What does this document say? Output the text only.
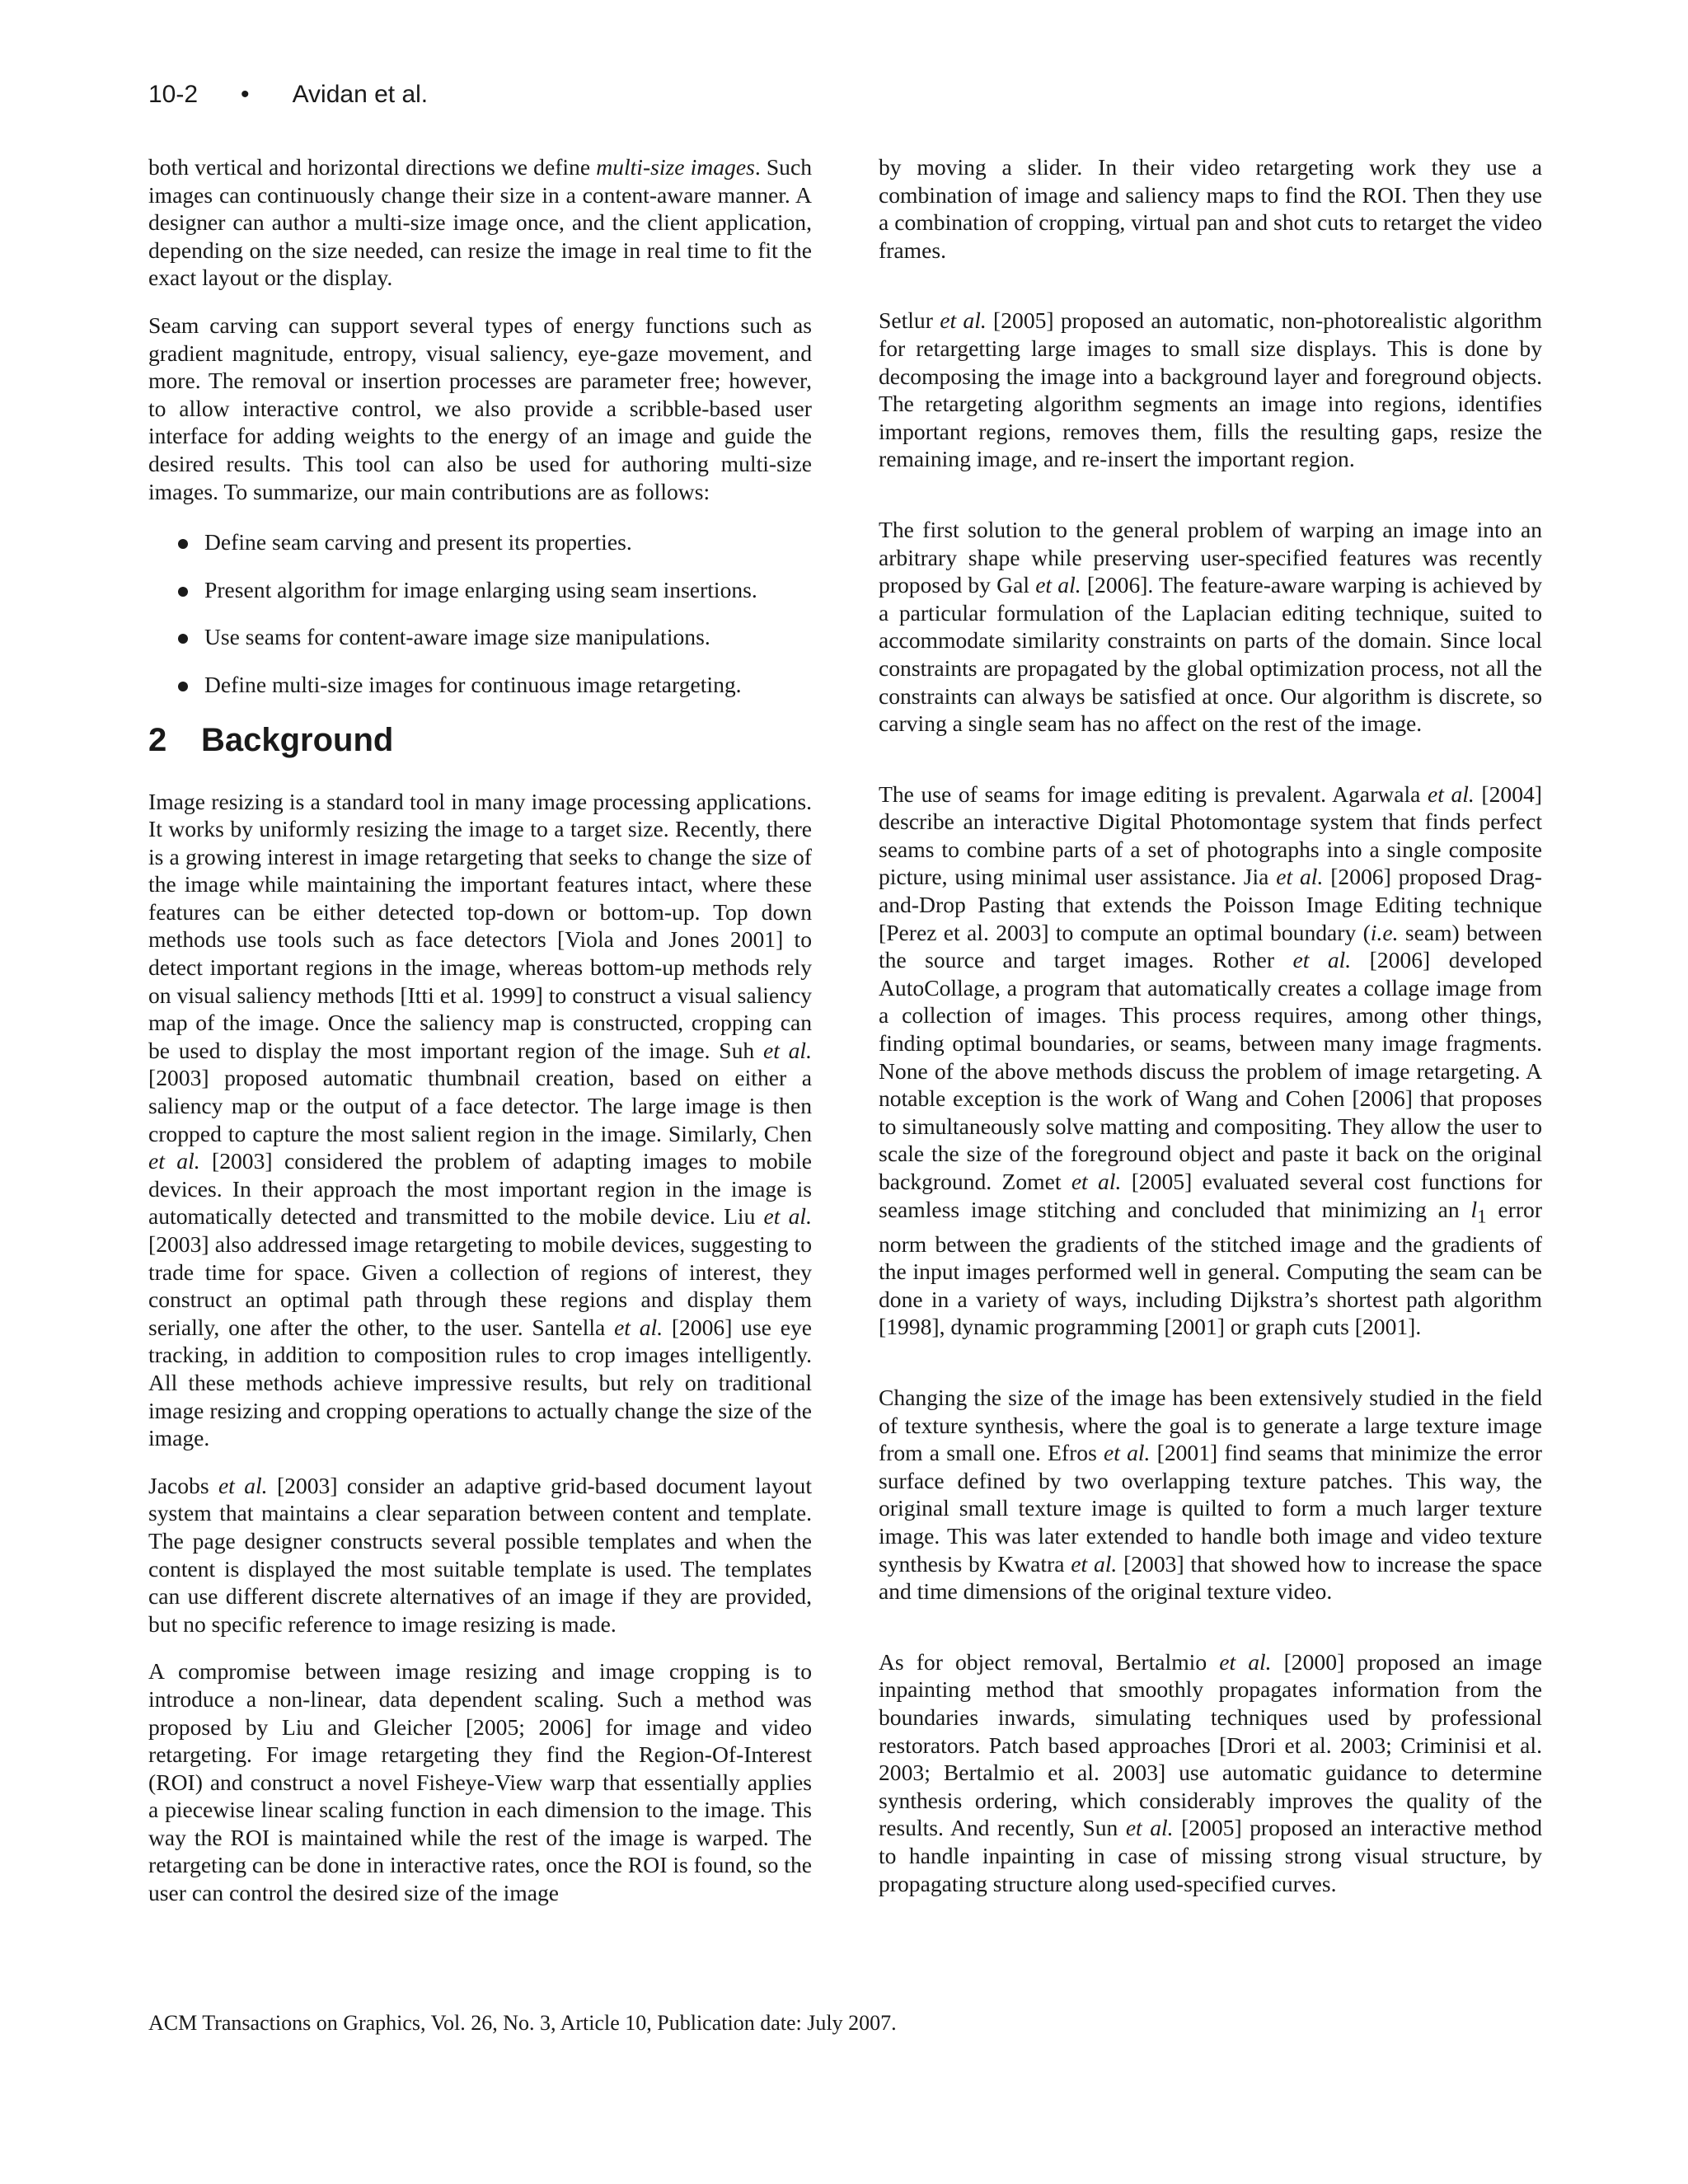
10-2 • Avidan et al.

both vertical and horizontal directions we define multi-size images. Such images can continuously change their size in a content-aware manner. A designer can author a multi-size image once, and the client application, depending on the size needed, can resize the image in real time to fit the exact layout or the display.

Seam carving can support several types of energy functions such as gradient magnitude, entropy, visual saliency, eye-gaze movement, and more. The removal or insertion processes are parameter free; however, to allow interactive control, we also provide a scribble-based user interface for adding weights to the energy of an image and guide the desired results. This tool can also be used for authoring multi-size images. To summarize, our main contributions are as follows:

Define seam carving and present its properties.
Present algorithm for image enlarging using seam insertions.
Use seams for content-aware image size manipulations.
Define multi-size images for continuous image retargeting.
2 Background

Image resizing is a standard tool in many image processing applications. It works by uniformly resizing the image to a target size. Recently, there is a growing interest in image retargeting that seeks to change the size of the image while maintaining the important features intact, where these features can be either detected top-down or bottom-up. Top down methods use tools such as face detectors [Viola and Jones 2001] to detect important regions in the image, whereas bottom-up methods rely on visual saliency methods [Itti et al. 1999] to construct a visual saliency map of the image. Once the saliency map is constructed, cropping can be used to display the most important region of the image. Suh et al. [2003] proposed automatic thumbnail creation, based on either a saliency map or the output of a face detector. The large image is then cropped to capture the most salient region in the image. Similarly, Chen et al. [2003] considered the problem of adapting images to mobile devices. In their approach the most important region in the image is automatically detected and transmitted to the mobile device. Liu et al. [2003] also addressed image retargeting to mobile devices, suggesting to trade time for space. Given a collection of regions of interest, they construct an optimal path through these regions and display them serially, one after the other, to the user. Santella et al. [2006] use eye tracking, in addition to composition rules to crop images intelligently. All these methods achieve impressive results, but rely on traditional image resizing and cropping operations to actually change the size of the image.

Jacobs et al. [2003] consider an adaptive grid-based document layout system that maintains a clear separation between content and template. The page designer constructs several possible templates and when the content is displayed the most suitable template is used. The templates can use different discrete alternatives of an image if they are provided, but no specific reference to image resizing is made.

A compromise between image resizing and image cropping is to introduce a non-linear, data dependent scaling. Such a method was proposed by Liu and Gleicher [2005; 2006] for image and video retargeting. For image retargeting they find the Region-Of-Interest (ROI) and construct a novel Fisheye-View warp that essentially applies a piecewise linear scaling function in each dimension to the image. This way the ROI is maintained while the rest of the image is warped. The retargeting can be done in interactive rates, once the ROI is found, so the user can control the desired size of the image

by moving a slider. In their video retargeting work they use a combination of image and saliency maps to find the ROI. Then they use a combination of cropping, virtual pan and shot cuts to retarget the video frames.

Setlur et al. [2005] proposed an automatic, non-photorealistic algorithm for retargetting large images to small size displays. This is done by decomposing the image into a background layer and foreground objects. The retargeting algorithm segments an image into regions, identifies important regions, removes them, fills the resulting gaps, resize the remaining image, and re-insert the important region.

The first solution to the general problem of warping an image into an arbitrary shape while preserving user-specified features was recently proposed by Gal et al. [2006]. The feature-aware warping is achieved by a particular formulation of the Laplacian editing technique, suited to accommodate similarity constraints on parts of the domain. Since local constraints are propagated by the global optimization process, not all the constraints can always be satisfied at once. Our algorithm is discrete, so carving a single seam has no affect on the rest of the image.

The use of seams for image editing is prevalent. Agarwala et al. [2004] describe an interactive Digital Photomontage system that finds perfect seams to combine parts of a set of photographs into a single composite picture, using minimal user assistance. Jia et al. [2006] proposed Drag-and-Drop Pasting that extends the Poisson Image Editing technique [Perez et al. 2003] to compute an optimal boundary (i.e. seam) between the source and target images. Rother et al. [2006] developed AutoCollage, a program that automatically creates a collage image from a collection of images. This process requires, among other things, finding optimal boundaries, or seams, between many image fragments. None of the above methods discuss the problem of image retargeting. A notable exception is the work of Wang and Cohen [2006] that proposes to simultaneously solve matting and compositing. They allow the user to scale the size of the foreground object and paste it back on the original background. Zomet et al. [2005] evaluated several cost functions for seamless image stitching and concluded that minimizing an $l_1$ error norm between the gradients of the stitched image and the gradients of the input images performed well in general. Computing the seam can be done in a variety of ways, including Dijkstra’s shortest path algorithm [1998], dynamic programming [2001] or graph cuts [2001].

Changing the size of the image has been extensively studied in the field of texture synthesis, where the goal is to generate a large texture image from a small one. Efros et al. [2001] find seams that minimize the error surface defined by two overlapping texture patches. This way, the original small texture image is quilted to form a much larger texture image. This was later extended to handle both image and video texture synthesis by Kwatra et al. [2003] that showed how to increase the space and time dimensions of the original texture video.

As for object removal, Bertalmio et al. [2000] proposed an image inpainting method that smoothly propagates information from the boundaries inwards, simulating techniques used by professional restorators. Patch based approaches [Drori et al. 2003; Criminisi et al. 2003; Bertalmio et al. 2003] use automatic guidance to determine synthesis ordering, which considerably improves the quality of the results. And recently, Sun et al. [2005] proposed an interactive method to handle inpainting in case of missing strong visual structure, by propagating structure along used-specified curves.

ACM Transactions on Graphics, Vol. 26, No. 3, Article 10, Publication date: July 2007.
